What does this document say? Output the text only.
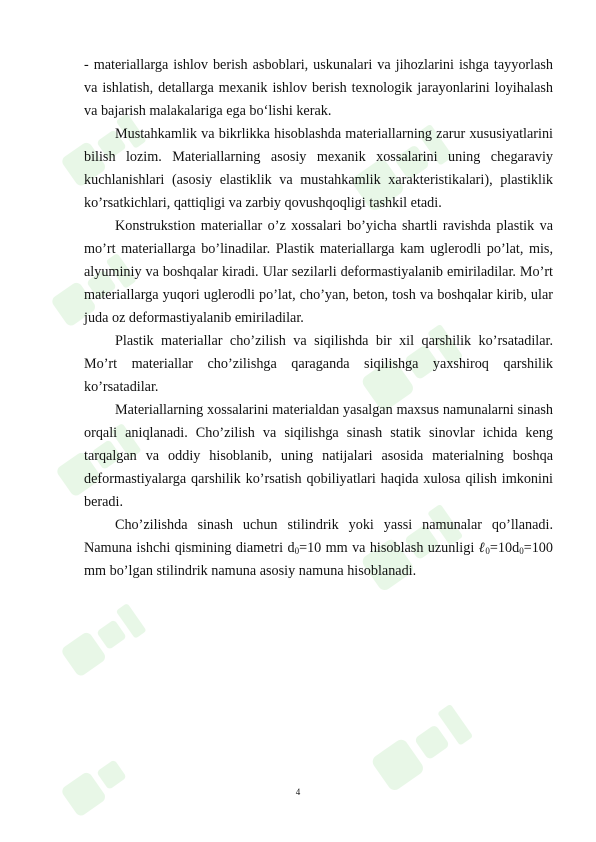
- materiallarga ishlov berish asboblari, uskunalari va jihozlarini ishga tayyorlash va ishlatish, detallarga mexanik ishlov berish texnologik jarayonlarini loyihalash va bajarish malakalariga ega bo‘lishi kerak.

Mustahkamlik va bikrlikka hisoblashda materiallarning zarur xususiyatlarini bilish lozim. Materiallarning asosiy mexanik xossalarini uning chegaraviy kuchlanishlari (asosiy elastiklik va mustahkamlik xarakteristikalari), plastiklik ko’rsatkichlari, qattiqligi va zarbiy qovushqoqligi tashkil etadi.

Konstrukstion materiallar o’z xossalari bo’yicha shartli ravishda plastik va mo’rt materiallarga bo’linadilar. Plastik materiallarga kam uglerodli po’lat, mis, alyuminiy va boshqalar kiradi. Ular sezilarli deformastiyalanib emiriladilar. Mo’rt materiallarga yuqori uglerodli po’lat, cho’yan, beton, tosh va boshqalar kirib, ular juda oz deformastiyalanib emiriladilar.

Plastik materiallar cho’zilish va siqilishda bir xil qarshilik ko’rsatadilar. Mo’rt materiallar cho’zilishga qaraganda siqilishga yaxshiroq qarshilik ko’rsatadilar.

Materiallarning xossalarini materialdan yasalgan maxsus namunalarni sinash orqali aniqlanadi. Cho’zilish va siqilishga sinash statik sinovlar ichida keng tarqalgan va oddiy hisoblanib, uning natijalari asosida materialning boshqa deformastiyalarga qarshilik ko’rsatish qobiliyatlari haqida xulosa qilish imkonini beradi.

Cho’zilishda sinash uchun stilindrik yoki yassi namunalar qo’llanadi. Namuna ishchi qismining diametri $d_0=10$ mm va hisoblash uzunligi $\ell_0=10d_0=100$ mm bo’lgan stilindrik namuna asosiy namuna hisoblanadi.

4
